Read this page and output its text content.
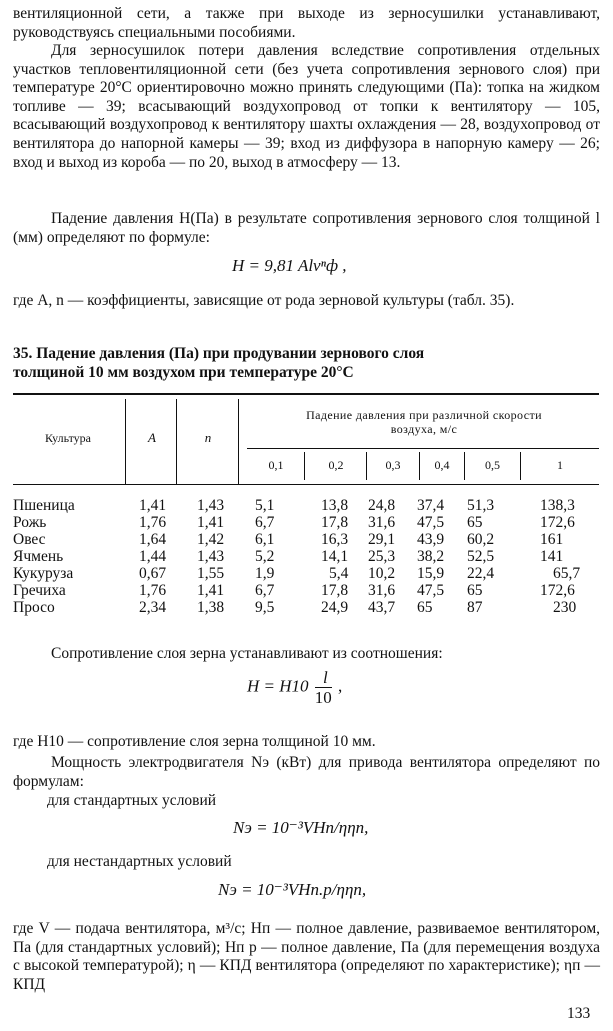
вентиляционной сети, а также при выходе из зерносушилки устанавливают, руководствуясь специальными пособиями.

Для зерносушилок потери давления вследствие сопротивления отдельных участков тепловентиляционной сети (без учета сопротивления зернового слоя) при температуре 20°С ориентировочно можно принять следующими (Па): топка на жидком топливе — 39; всасывающий воздухопровод от топки к вентилятору — 105, всасывающий воздухопровод к вентилятору шахты охлаждения — 28, воздухопровод от вентилятора до напорной камеры — 39; вход из диффузора в напорную камеру — 26; вход и выход из короба — по 20, выход в атмосферу — 13.

Падение давления H(Па) в результате сопротивления зернового слоя толщиной l (мм) определяют по формуле:

H = 9,81 Alvⁿф ,

где A, n — коэффициенты, зависящие от рода зерновой культуры (табл. 35).

35. Падение давления (Па) при продувании зернового слоя
толщиной 10 мм воздухом при температуре 20°С
Культура	A	n
Падение давления при различной скорости
воздуха, м/с
0,1	0,2	0,3	0,4	0,5	1
Пшеница	1,41 1,43 5,1	13,8 24,8 37,4 51,3	138,3
Рожь	1,76 1,41 6,7	17,8 31,6 47,5 65	172,6
Овес	1,64 1,42 6,1	16,3 29,1 43,9 60,2	161
Ячмень	1,44 1,43 5,2	14,1 25,3 38,2 52,5	141
Кукуруза	0,67 1,55 1,9	5,4 10,2 15,9 22,4	65,7
Гречиха	1,76 1,41 6,7	17,8 31,6 47,5 65	172,6
Просо	2,34 1,38 9,5	24,9 43,7 65 87	230

Сопротивление слоя зерна устанавливают из соотношения:

$H = H10 \frac{l}{10}$ ,

где H10 — сопротивление слоя зерна толщиной 10 мм.

Мощность электродвигателя Nэ (кВт) для привода вентилятора определяют по формулам:

для стандартных условий

Nэ = 10⁻³VHп/ηηп,

для нестандартных условий

Nэ = 10⁻³VHп.р/ηηп,

где V — подача вентилятора, м³/с; Hп — полное давление, развиваемое вентилятором, Па (для стандартных условий); Hп р — полное давление, Па (для перемещения воздуха с высокой температурой); η — КПД вентилятора (определяют по характеристике); ηп — КПД

133
